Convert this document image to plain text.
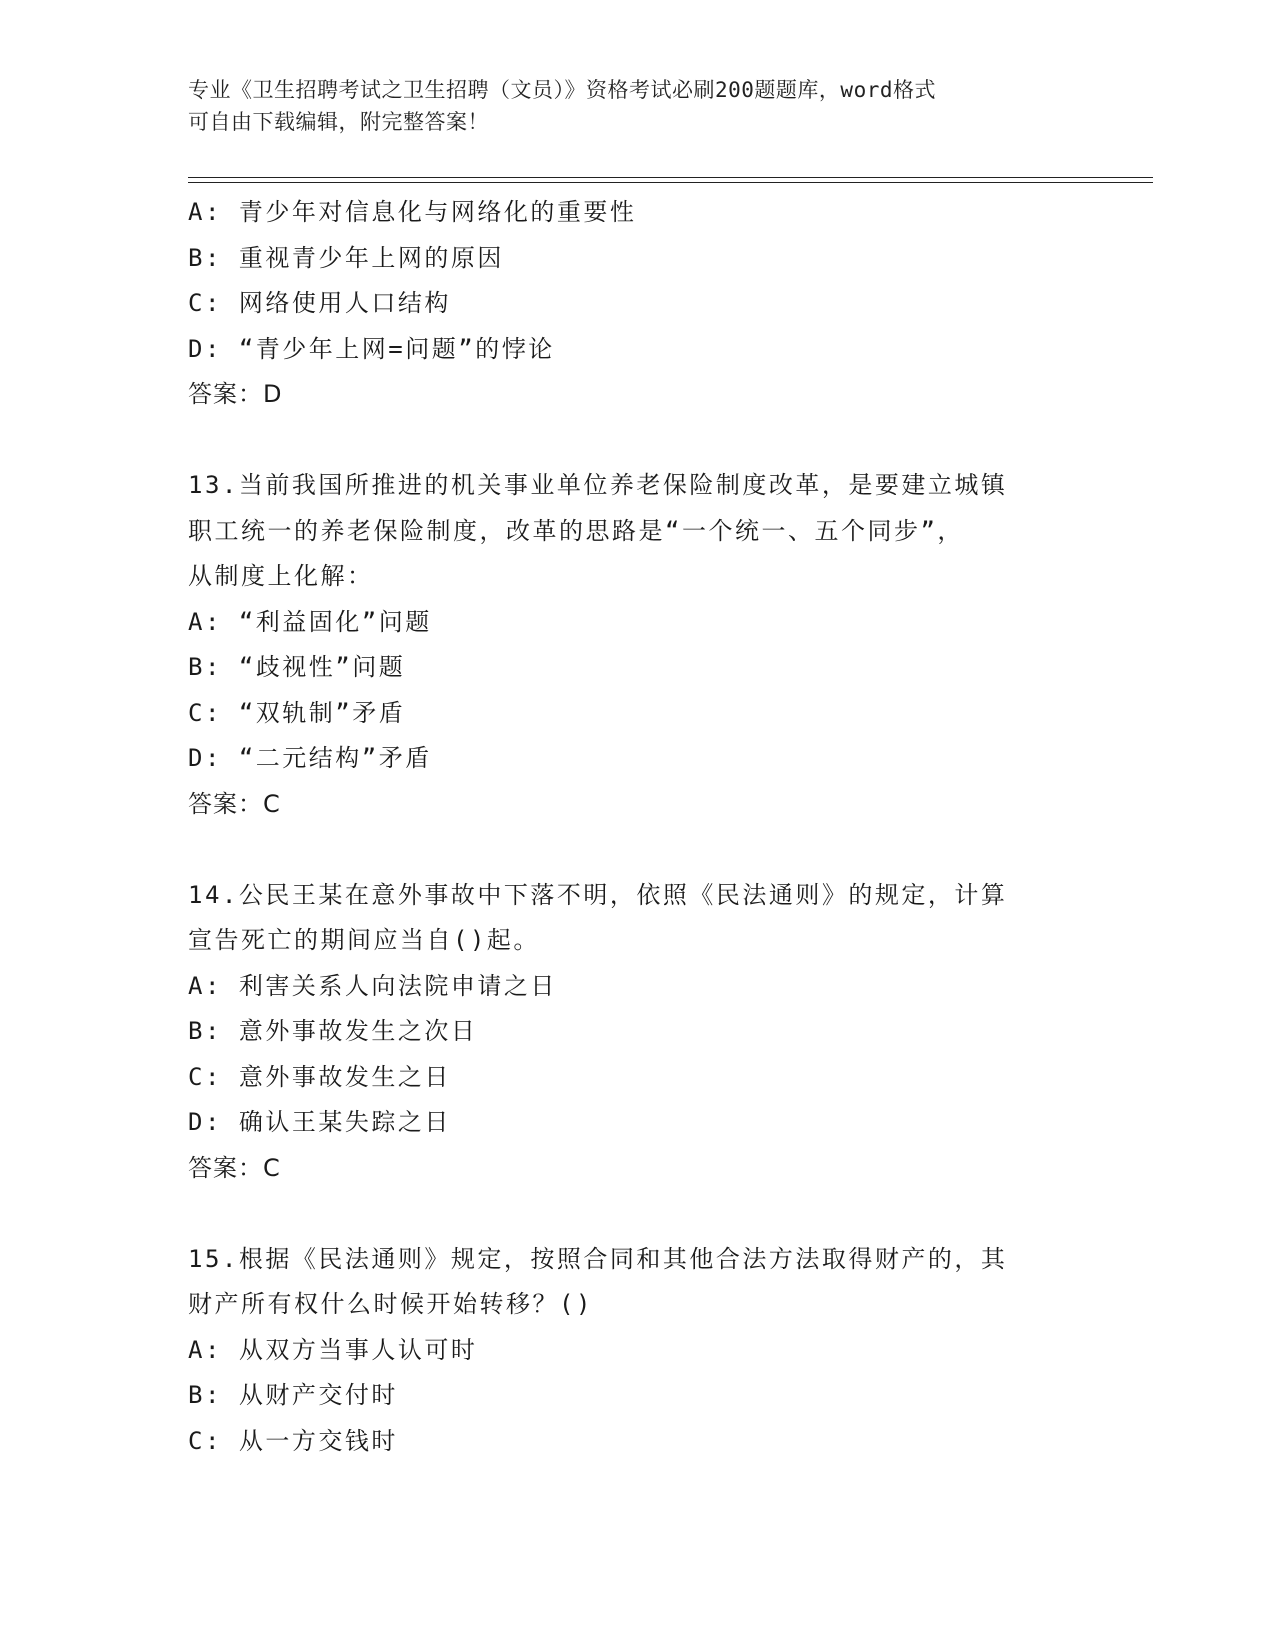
专业《卫生招聘考试之卫生招聘（文员）》资格考试必刷200题题库，word格式
可自由下载编辑，附完整答案！
A: 青少年对信息化与网络化的重要性
B: 重视青少年上网的原因
C: 网络使用人口结构
D: “青少年上网=问题”的悖论
答案：D
13.当前我国所推进的机关事业单位养老保险制度改革，是要建立城镇
职工统一的养老保险制度，改革的思路是“一个统一、五个同步”，
从制度上化解：
A: “利益固化”问题
B: “歧视性”问题
C: “双轨制”矛盾
D: “二元结构”矛盾
答案：C
14.公民王某在意外事故中下落不明，依照《民法通则》的规定，计算
宣告死亡的期间应当自()起。
A: 利害关系人向法院申请之日
B: 意外事故发生之次日
C: 意外事故发生之日
D: 确认王某失踪之日
答案：C
15.根据《民法通则》规定，按照合同和其他合法方法取得财产的，其
财产所有权什么时候开始转移？()
A: 从双方当事人认可时
B: 从财产交付时
C: 从一方交钱时
